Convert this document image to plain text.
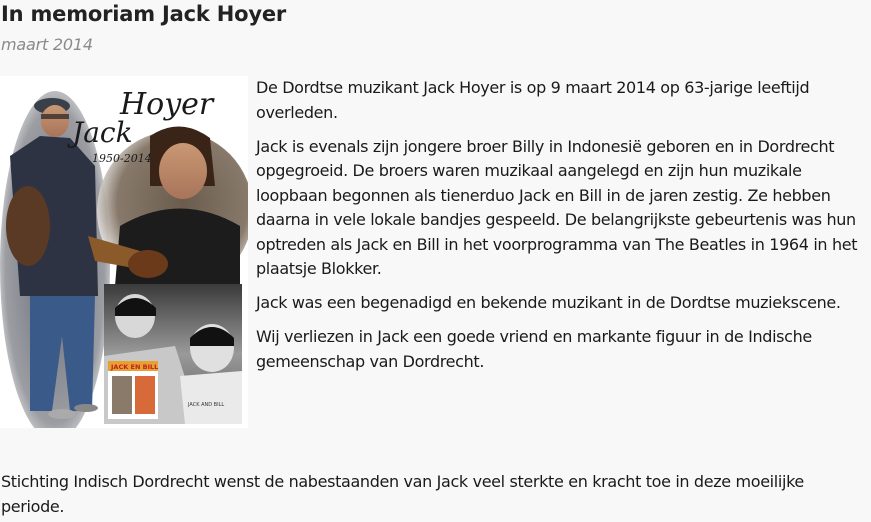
In memoriam Jack Hoyer
maart 2014
Hoyer
Jack
1950-2014
JACK EN BILL
JACK AND BILL

De Dordtse muzikant Jack Hoyer is op 9 maart 2014 op 63-jarige leeftijd overleden.

Jack is evenals zijn jongere broer Billy in Indonesië geboren en in Dordrecht opgegroeid. De broers waren muzikaal aangelegd en zijn hun muzikale loopbaan begonnen als tienerduo Jack en Bill in de jaren zestig. Ze hebben daarna in vele lokale bandjes gespeeld. De belangrijkste gebeurtenis was hun optreden als Jack en Bill in het voorprogramma van The Beatles in 1964 in het plaatsje Blokker.

Jack was een begenadigd en bekende muzikant in de Dordtse muziekscene.

Wij verliezen in Jack een goede vriend en markante figuur in de Indische gemeenschap van Dordrecht.

Stichting Indisch Dordrecht wenst de nabestaanden van Jack veel sterkte en kracht toe in deze moeilijke periode.
